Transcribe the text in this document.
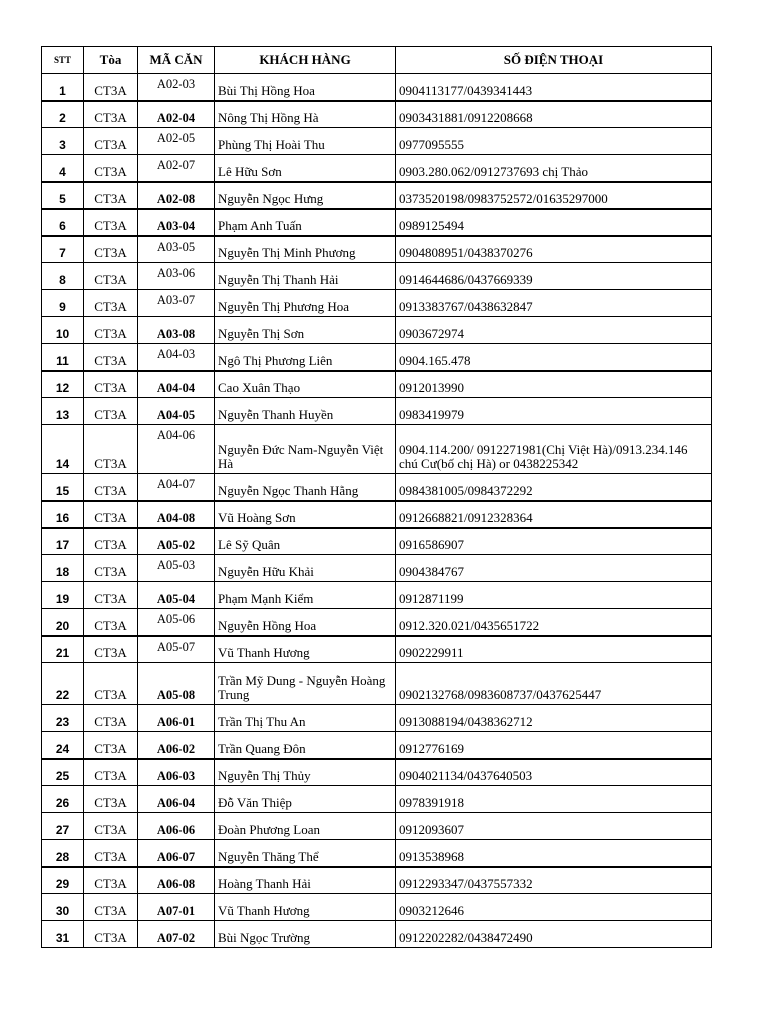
STT	Tòa	MÃ CĂN	KHÁCH HÀNG	SỐ ĐIỆN THOẠI
1	CT3A	A02-03	Bùi Thị Hồng Hoa	0904113177/0439341443
2	CT3A	A02-04	Nông Thị Hồng Hà	0903431881/0912208668
3	CT3A	A02-05	Phùng Thị Hoài Thu	0977095555
4	CT3A	A02-07	Lê Hữu Sơn	0903.280.062/0912737693 chị Thảo
5	CT3A	A02-08	Nguyễn Ngọc Hưng	0373520198/0983752572/01635297000
6	CT3A	A03-04	Phạm Anh Tuấn	0989125494
7	CT3A	A03-05	Nguyễn Thị Minh Phương	0904808951/0438370276
8	CT3A	A03-06	Nguyễn Thị Thanh Hải	0914644686/0437669339
9	CT3A	A03-07	Nguyễn Thị Phương Hoa	0913383767/0438632847
10	CT3A	A03-08	Nguyễn Thị Sơn	0903672974
11	CT3A	A04-03	Ngô Thị Phương Liên	0904.165.478
12	CT3A	A04-04	Cao Xuân Thạo	0912013990
13	CT3A	A04-05	Nguyễn Thanh Huyền	0983419979
14	CT3A	A04-06	Nguyễn Đức Nam-Nguyễn Việt Hà	0904.114.200/ 0912271981(Chị Việt Hà)/0913.234.146 chú Cư(bố chị Hà) or 0438225342
15	CT3A	A04-07	Nguyễn Ngọc Thanh Hằng	0984381005/0984372292
16	CT3A	A04-08	Vũ Hoàng Sơn	0912668821/0912328364
17	CT3A	A05-02	Lê Sỹ Quân	0916586907
18	CT3A	A05-03	Nguyễn Hữu Khải	0904384767
19	CT3A	A05-04	Phạm Mạnh Kiểm	0912871199
20	CT3A	A05-06	Nguyễn Hồng Hoa	0912.320.021/0435651722
21	CT3A	A05-07	Vũ Thanh Hương	0902229911
22	CT3A	A05-08	Trần Mỹ Dung - Nguyễn Hoàng Trung	0902132768/0983608737/0437625447
23	CT3A	A06-01	Trần Thị Thu An	0913088194/0438362712
24	CT3A	A06-02	Trần Quang Đôn	0912776169
25	CT3A	A06-03	Nguyễn Thị Thủy	0904021134/0437640503
26	CT3A	A06-04	Đỗ Văn Thiệp	0978391918
27	CT3A	A06-06	Đoàn Phương Loan	0912093607
28	CT3A	A06-07	Nguyễn Thăng Thể	0913538968
29	CT3A	A06-08	Hoàng Thanh Hải	0912293347/0437557332
30	CT3A	A07-01	Vũ Thanh Hương	0903212646
31	CT3A	A07-02	Bùi Ngọc Trường	0912202282/0438472490
